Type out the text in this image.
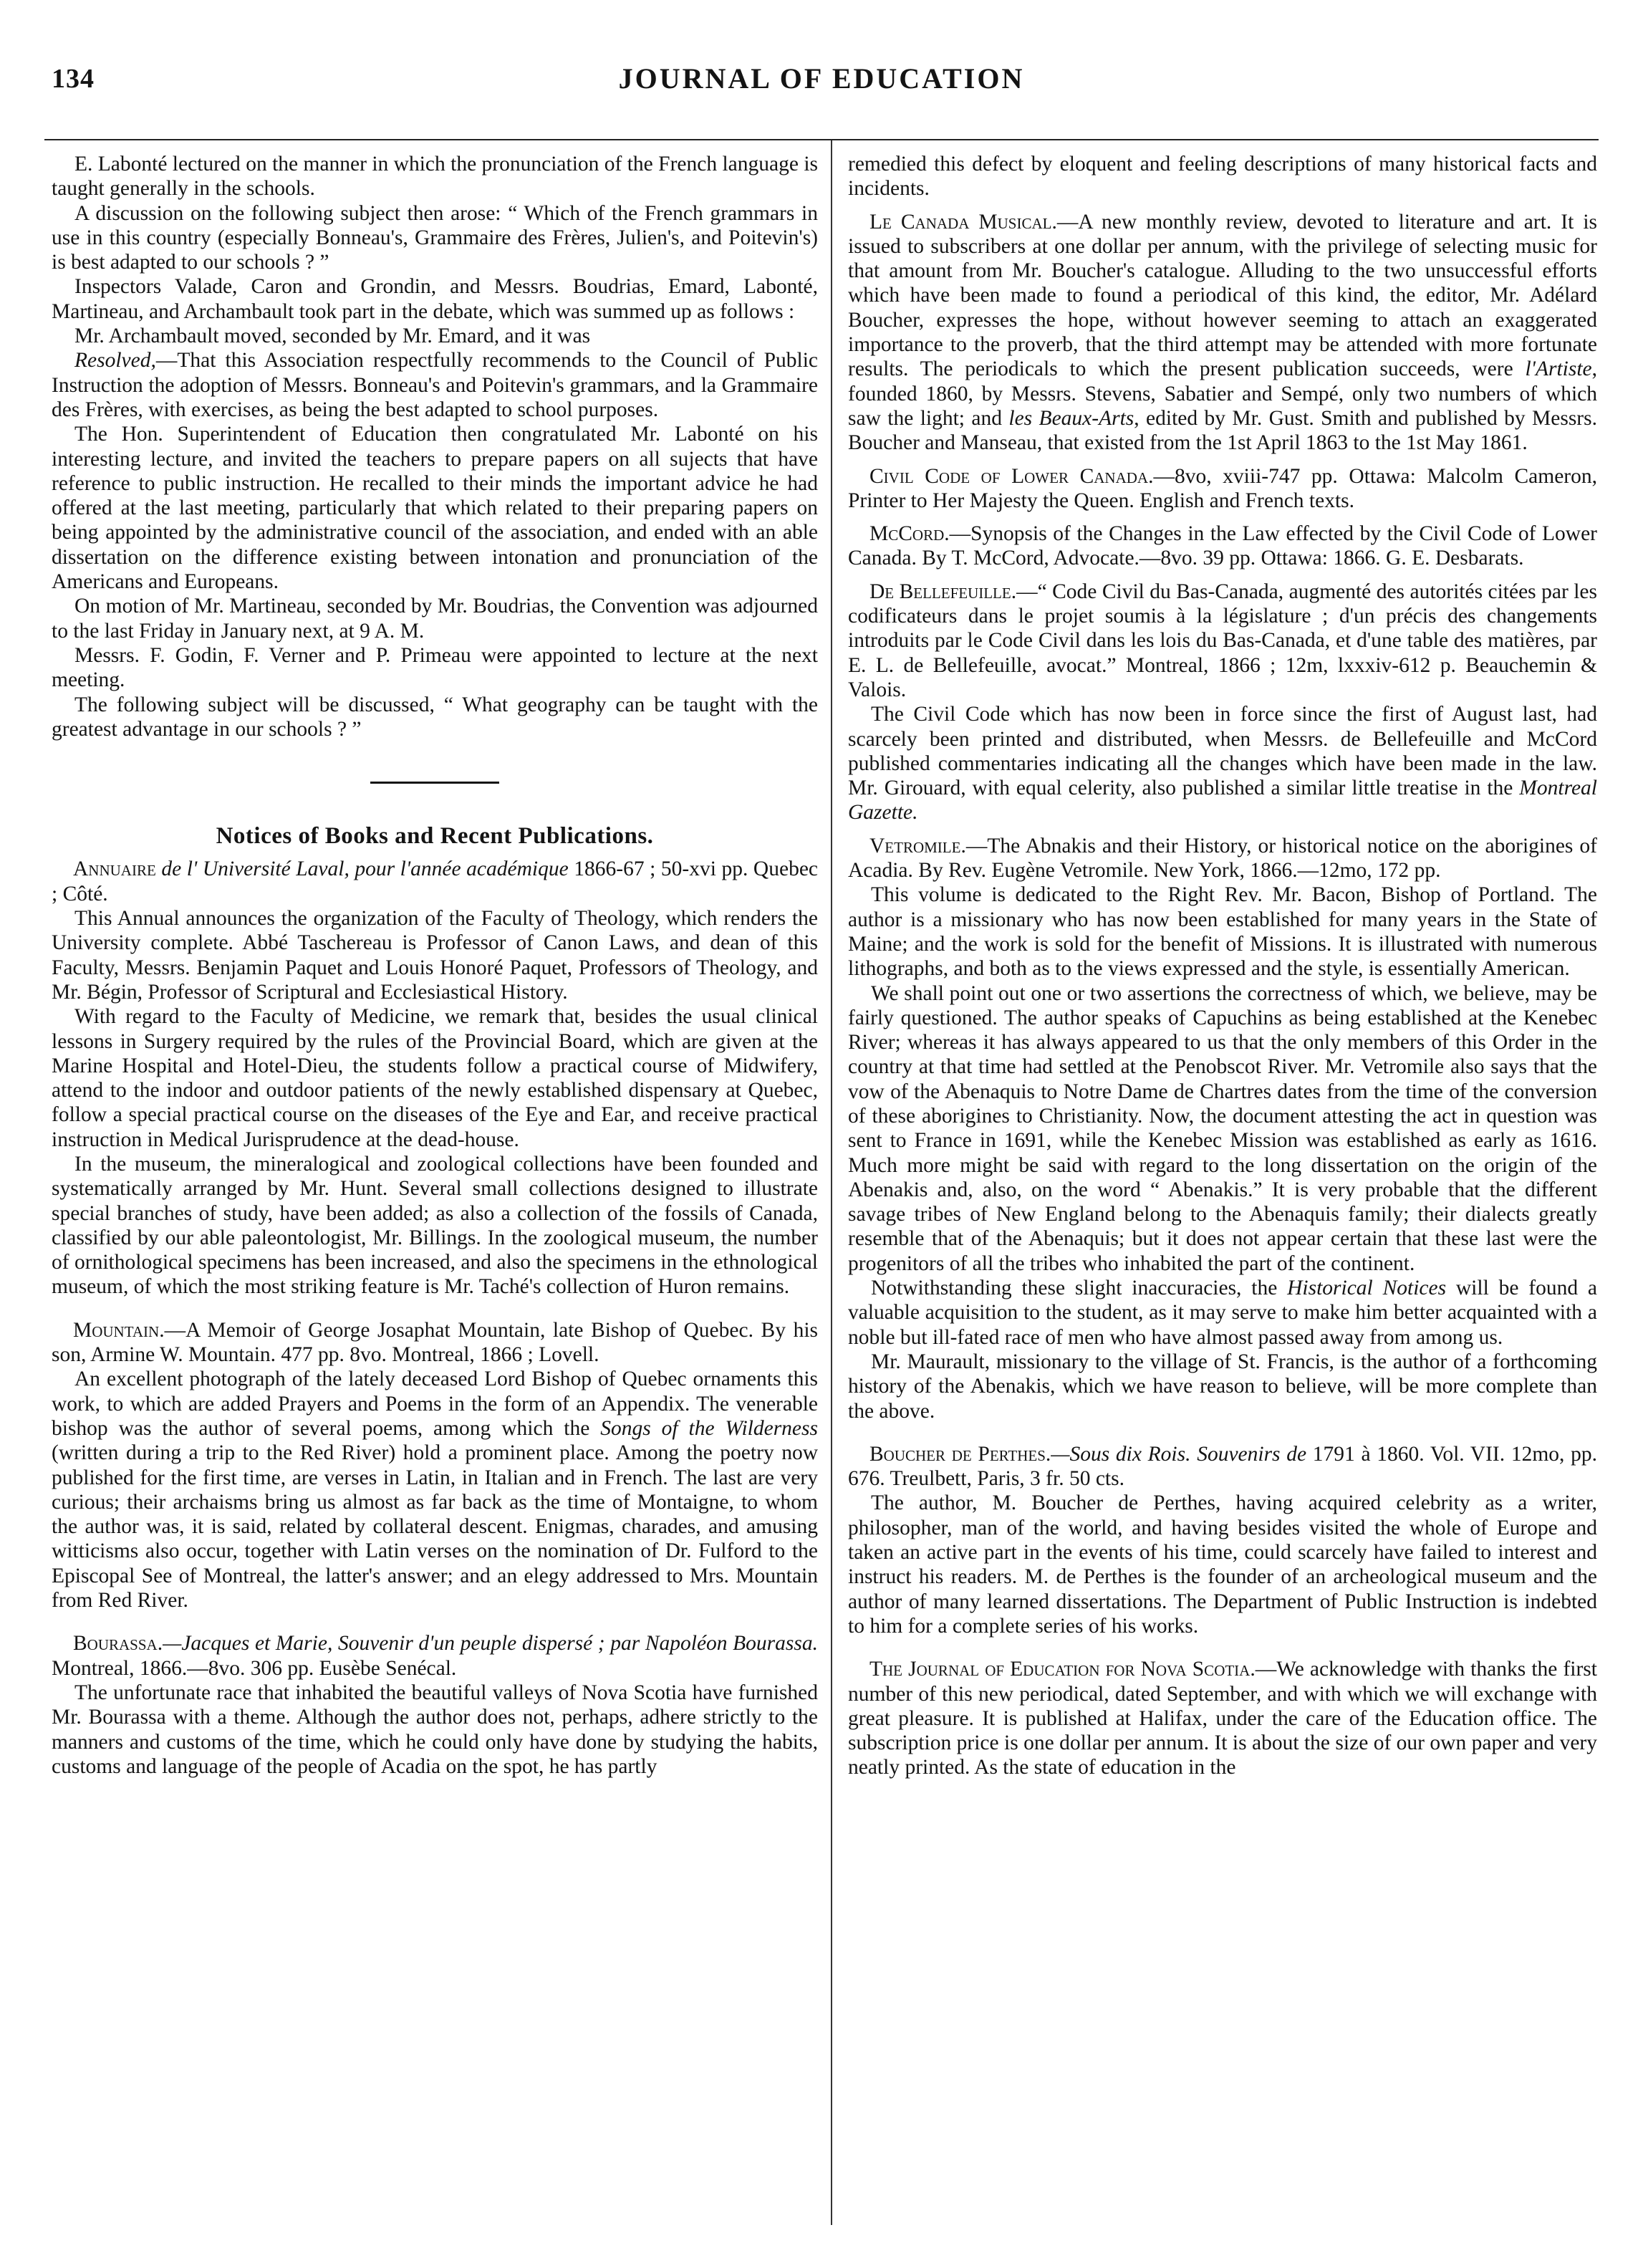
134	JOURNAL OF EDUCATION

E. Labonté lectured on the manner in which the pronunciation of the French language is taught generally in the schools.

A discussion on the following subject then arose: “ Which of the French grammars in use in this country (especially Bonneau's, Grammaire des Frères, Julien's, and Poitevin's) is best adapted to our schools ? ”

Inspectors Valade, Caron and Grondin, and Messrs. Boudrias, Emard, Labonté, Martineau, and Archambault took part in the debate, which was summed up as follows :

Mr. Archambault moved, seconded by Mr. Emard, and it was

Resolved,—That this Association respectfully recommends to the Council of Public Instruction the adoption of Messrs. Bonneau's and Poitevin's grammars, and la Grammaire des Frères, with exercises, as being the best adapted to school purposes.

The Hon. Superintendent of Education then congratulated Mr. Labonté on his interesting lecture, and invited the teachers to prepare papers on all sujects that have reference to public instruction. He recalled to their minds the important advice he had offered at the last meeting, particularly that which related to their preparing papers on being appointed by the administrative council of the association, and ended with an able dissertation on the difference existing between intonation and pronunciation of the Americans and Europeans.

On motion of Mr. Martineau, seconded by Mr. Boudrias, the Convention was adjourned to the last Friday in January next, at 9 A. M.

Messrs. F. Godin, F. Verner and P. Primeau were appointed to lecture at the next meeting.

The following subject will be discussed, “ What geography can be taught with the greatest advantage in our schools ? ”

Notices of Books and Recent Publications.

Annuaire de l' Université Laval, pour l'année académique 1866-67 ; 50-xvi pp. Quebec ; Côté.

This Annual announces the organization of the Faculty of Theology, which renders the University complete. Abbé Taschereau is Professor of Canon Laws, and dean of this Faculty, Messrs. Benjamin Paquet and Louis Honoré Paquet, Professors of Theology, and Mr. Bégin, Professor of Scriptural and Ecclesiastical History.

With regard to the Faculty of Medicine, we remark that, besides the usual clinical lessons in Surgery required by the rules of the Provincial Board, which are given at the Marine Hospital and Hotel-Dieu, the students follow a practical course of Midwifery, attend to the indoor and outdoor patients of the newly established dispensary at Quebec, follow a special practical course on the diseases of the Eye and Ear, and receive practical instruction in Medical Jurisprudence at the dead-house.

In the museum, the mineralogical and zoological collections have been founded and systematically arranged by Mr. Hunt. Several small collections designed to illustrate special branches of study, have been added; as also a collection of the fossils of Canada, classified by our able paleontologist, Mr. Billings. In the zoological museum, the number of ornithological specimens has been increased, and also the specimens in the ethnological museum, of which the most striking feature is Mr. Taché's collection of Huron remains.

Mountain.—A Memoir of George Josaphat Mountain, late Bishop of Quebec. By his son, Armine W. Mountain. 477 pp. 8vo. Montreal, 1866 ; Lovell.

An excellent photograph of the lately deceased Lord Bishop of Quebec ornaments this work, to which are added Prayers and Poems in the form of an Appendix. The venerable bishop was the author of several poems, among which the Songs of the Wilderness (written during a trip to the Red River) hold a prominent place. Among the poetry now published for the first time, are verses in Latin, in Italian and in French. The last are very curious; their archaisms bring us almost as far back as the time of Montaigne, to whom the author was, it is said, related by collateral descent. Enigmas, charades, and amusing witticisms also occur, together with Latin verses on the nomination of Dr. Fulford to the Episcopal See of Montreal, the latter's answer; and an elegy addressed to Mrs. Mountain from Red River.

Bourassa.—Jacques et Marie, Souvenir d'un peuple dispersé ; par Napoléon Bourassa. Montreal, 1866.—8vo. 306 pp. Eusèbe Senécal.

The unfortunate race that inhabited the beautiful valleys of Nova Scotia have furnished Mr. Bourassa with a theme. Although the author does not, perhaps, adhere strictly to the manners and customs of the time, which he could only have done by studying the habits, customs and language of the people of Acadia on the spot, he has partly

remedied this defect by eloquent and feeling descriptions of many historical facts and incidents.

Le Canada Musical.—A new monthly review, devoted to literature and art. It is issued to subscribers at one dollar per annum, with the privilege of selecting music for that amount from Mr. Boucher's catalogue. Alluding to the two unsuccessful efforts which have been made to found a periodical of this kind, the editor, Mr. Adélard Boucher, expresses the hope, without however seeming to attach an exaggerated importance to the proverb, that the third attempt may be attended with more fortunate results. The periodicals to which the present publication succeeds, were l'Artiste, founded 1860, by Messrs. Stevens, Sabatier and Sempé, only two numbers of which saw the light; and les Beaux-Arts, edited by Mr. Gust. Smith and published by Messrs. Boucher and Manseau, that existed from the 1st April 1863 to the 1st May 1861.

Civil Code of Lower Canada.—8vo, xviii-747 pp. Ottawa: Malcolm Cameron, Printer to Her Majesty the Queen. English and French texts.

McCord.—Synopsis of the Changes in the Law effected by the Civil Code of Lower Canada. By T. McCord, Advocate.—8vo. 39 pp. Ottawa: 1866. G. E. Desbarats.

De Bellefeuille.—“ Code Civil du Bas-Canada, augmenté des autorités citées par les codificateurs dans le projet soumis à la législature ; d'un précis des changements introduits par le Code Civil dans les lois du Bas-Canada, et d'une table des matières, par E. L. de Bellefeuille, avocat.” Montreal, 1866 ; 12m, lxxxiv-612 p. Beauchemin & Valois.

The Civil Code which has now been in force since the first of August last, had scarcely been printed and distributed, when Messrs. de Bellefeuille and McCord published commentaries indicating all the changes which have been made in the law. Mr. Girouard, with equal celerity, also published a similar little treatise in the Montreal Gazette.

Vetromile.—The Abnakis and their History, or historical notice on the aborigines of Acadia. By Rev. Eugène Vetromile. New York, 1866.—12mo, 172 pp.

This volume is dedicated to the Right Rev. Mr. Bacon, Bishop of Portland. The author is a missionary who has now been established for many years in the State of Maine; and the work is sold for the benefit of Missions. It is illustrated with numerous lithographs, and both as to the views expressed and the style, is essentially American.

We shall point out one or two assertions the correctness of which, we believe, may be fairly questioned. The author speaks of Capuchins as being established at the Kenebec River; whereas it has always appeared to us that the only members of this Order in the country at that time had settled at the Penobscot River. Mr. Vetromile also says that the vow of the Abenaquis to Notre Dame de Chartres dates from the time of the conversion of these aborigines to Christianity. Now, the document attesting the act in question was sent to France in 1691, while the Kenebec Mission was established as early as 1616. Much more might be said with regard to the long dissertation on the origin of the Abenakis and, also, on the word “ Abenakis.” It is very probable that the different savage tribes of New England belong to the Abenaquis family; their dialects greatly resemble that of the Abenaquis; but it does not appear certain that these last were the progenitors of all the tribes who inhabited the part of the continent.

Notwithstanding these slight inaccuracies, the Historical Notices will be found a valuable acquisition to the student, as it may serve to make him better acquainted with a noble but ill-fated race of men who have almost passed away from among us.

Mr. Maurault, missionary to the village of St. Francis, is the author of a forthcoming history of the Abenakis, which we have reason to believe, will be more complete than the above.

Boucher de Perthes.—Sous dix Rois. Souvenirs de 1791 à 1860. Vol. VII. 12mo, pp. 676. Treulbett, Paris, 3 fr. 50 cts.

The author, M. Boucher de Perthes, having acquired celebrity as a writer, philosopher, man of the world, and having besides visited the whole of Europe and taken an active part in the events of his time, could scarcely have failed to interest and instruct his readers. M. de Perthes is the founder of an archeological museum and the author of many learned dissertations. The Department of Public Instruction is indebted to him for a complete series of his works.

The Journal of Education for Nova Scotia.—We acknowledge with thanks the first number of this new periodical, dated September, and with which we will exchange with great pleasure. It is published at Halifax, under the care of the Education office. The subscription price is one dollar per annum. It is about the size of our own paper and very neatly printed. As the state of education in the
